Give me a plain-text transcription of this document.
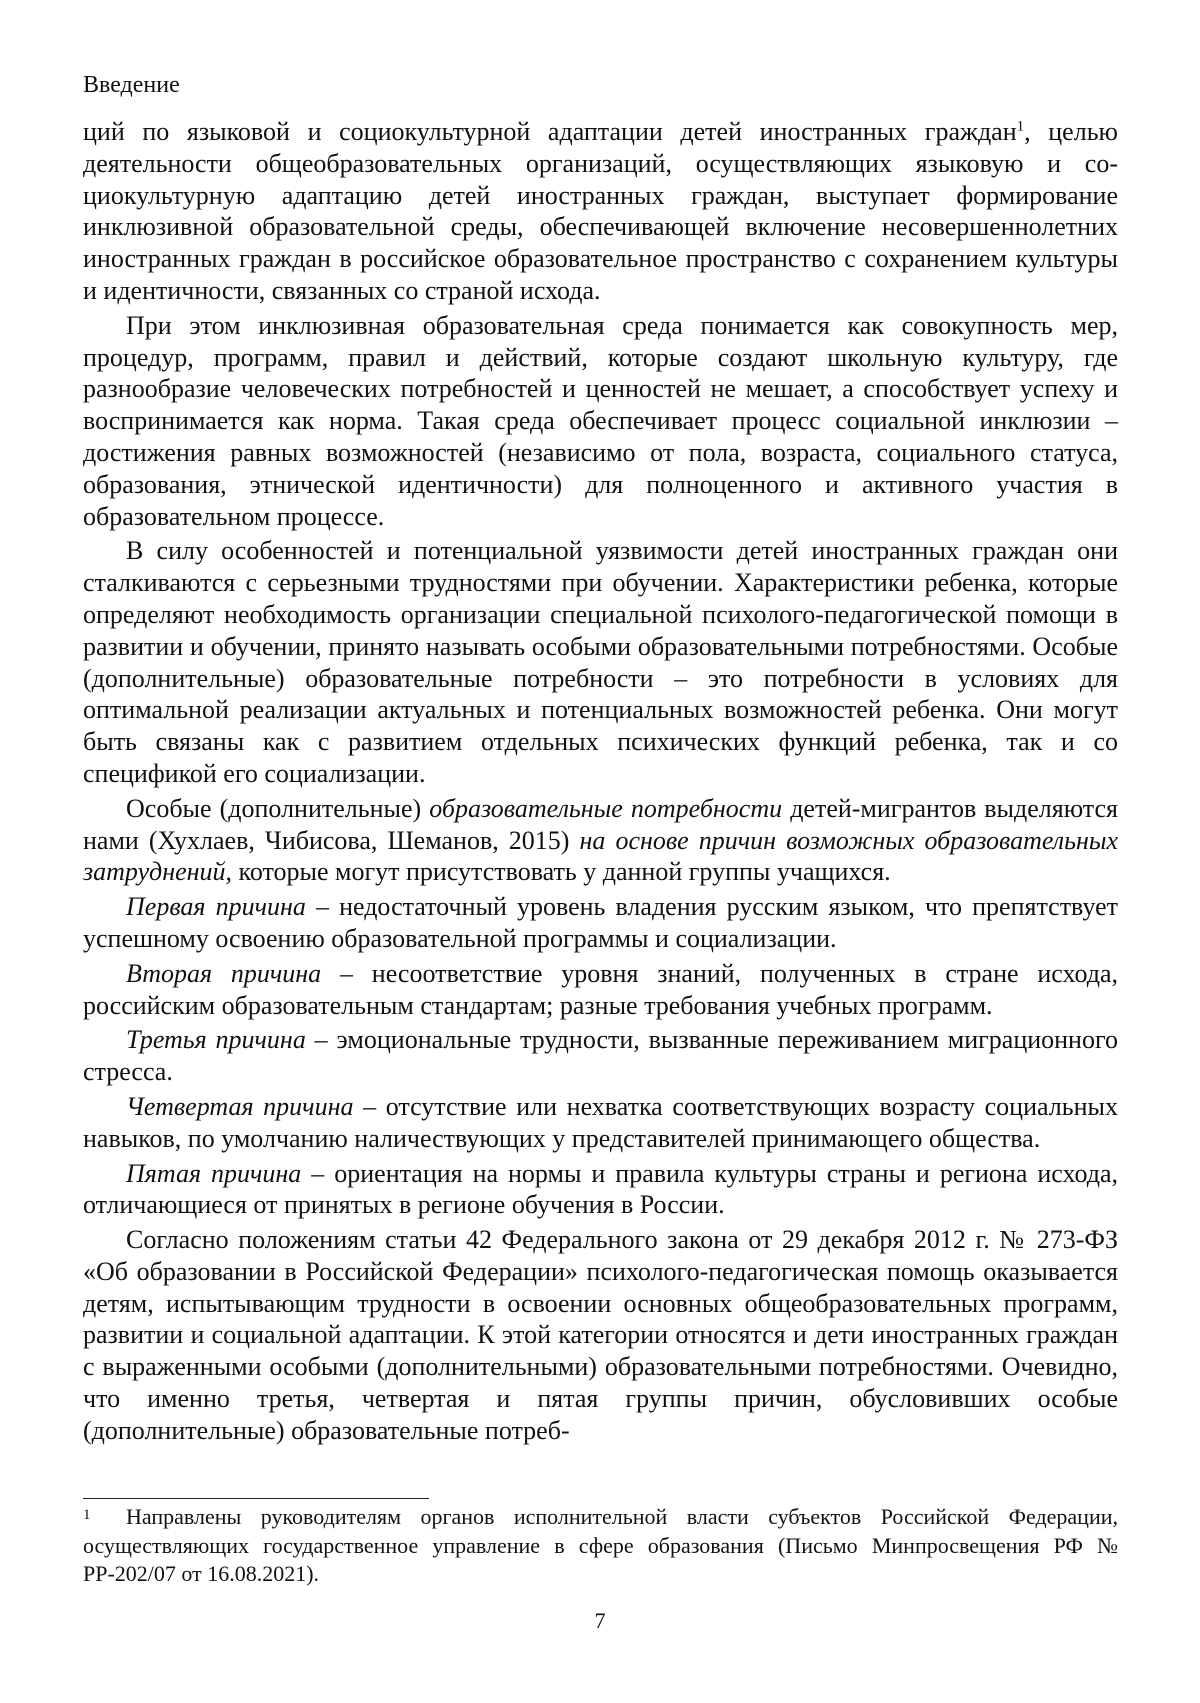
Введение

ций по языковой и социокультурной адаптации детей иностранных граждан$^1$, целью деятельности общеобразовательных организаций, осуществляющих языковую и социокультурную адаптацию детей иностранных граждан, выступает формирование инклюзивной образовательной среды, обеспечивающей включение несовершеннолетних иностранных граждан в российское образовательное пространство с сохранением культуры и идентичности, связанных со страной исхода.

При этом инклюзивная образовательная среда понимается как совокупность мер, процедур, программ, правил и действий, которые создают школьную культуру, где разнообразие человеческих потребностей и ценностей не мешает, а способствует успеху и воспринимается как норма. Такая среда обеспечивает процесс социальной инклюзии – достижения равных возможностей (независимо от пола, возраста, социального статуса, образования, этнической идентичности) для полноценного и активного участия в образовательном процессе.

В силу особенностей и потенциальной уязвимости детей иностранных граждан они сталкиваются с серьезными трудностями при обучении. Характеристики ребенка, которые определяют необходимость организации специальной психолого-педагогической помощи в развитии и обучении, принято называть особыми образовательными потребностями. Особые (дополнительные) образовательные потребности – это потребности в условиях для оптимальной реализации актуальных и потенциальных возможностей ребенка. Они могут быть связаны как с развитием отдельных психических функций ребенка, так и со спецификой его социализации.

Особые (дополнительные) образовательные потребности детей-мигрантов выделяются нами (Хухлаев, Чибисова, Шеманов, 2015) на основе причин возможных образовательных затруднений, которые могут присутствовать у данной группы учащихся.

Первая причина – недостаточный уровень владения русским языком, что препятствует успешному освоению образовательной программы и социализации.

Вторая причина – несоответствие уровня знаний, полученных в стране исхода, российским образовательным стандартам; разные требования учебных программ.

Третья причина – эмоциональные трудности, вызванные переживанием миграционного стресса.

Четвертая причина – отсутствие или нехватка соответствующих возрасту социальных навыков, по умолчанию наличествующих у представителей принимающего общества.

Пятая причина – ориентация на нормы и правила культуры страны и региона исхода, отличающиеся от принятых в регионе обучения в России.

Согласно положениям статьи 42 Федерального закона от 29 декабря 2012 г. № 273-ФЗ «Об образовании в Российской Федерации» психолого-педагогическая помощь оказывается детям, испытывающим трудности в освоении основных общеобразовательных программ, развитии и социальной адаптации. К этой категории относятся и дети иностранных граждан с выраженными особыми (дополнительными) образовательными потребностями. Очевидно, что именно третья, четвертая и пятая группы причин, обусловивших особые (дополнительные) образовательные потреб-

1	Направлены руководителям органов исполнительной власти субъектов Российской Федерации, осуществляющих государственное управление в сфере образования (Письмо Минпросвещения РФ № РР-202/07 от 16.08.2021).

7
